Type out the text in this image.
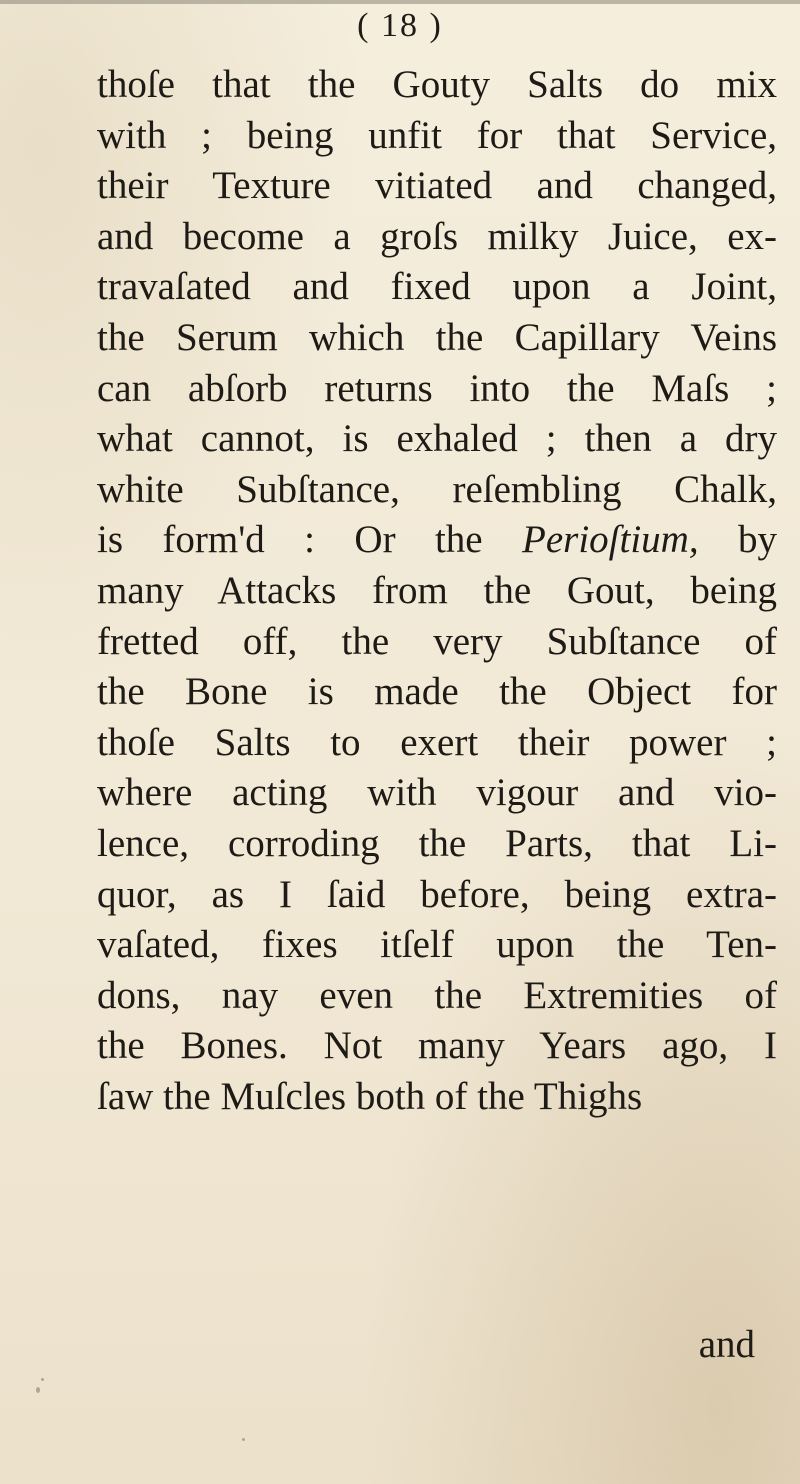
( 18 )
thoſe that the Gouty Salts do mix
with ; being unfit for that Service,
their Texture vitiated and changed,
and become a groſs milky Juice, ex-
travaſated and fixed upon a Joint,
the Serum which the Capillary Veins
can abſorb returns into the Maſs ;
what cannot, is exhaled ; then a dry
white Subſtance, reſembling Chalk,
is form'd : Or the Perioſtium, by
many Attacks from the Gout, being
fretted off, the very Subſtance of
the Bone is made the Object for
thoſe Salts to exert their power ;
where acting with vigour and vio-
lence, corroding the Parts, that Li-
quor, as I ſaid before, being extra-
vaſated, fixes itſelf upon the Ten-
dons, nay even the Extremities of
the Bones. Not many Years ago, I
ſaw the Muſcles both of the Thighs
and
